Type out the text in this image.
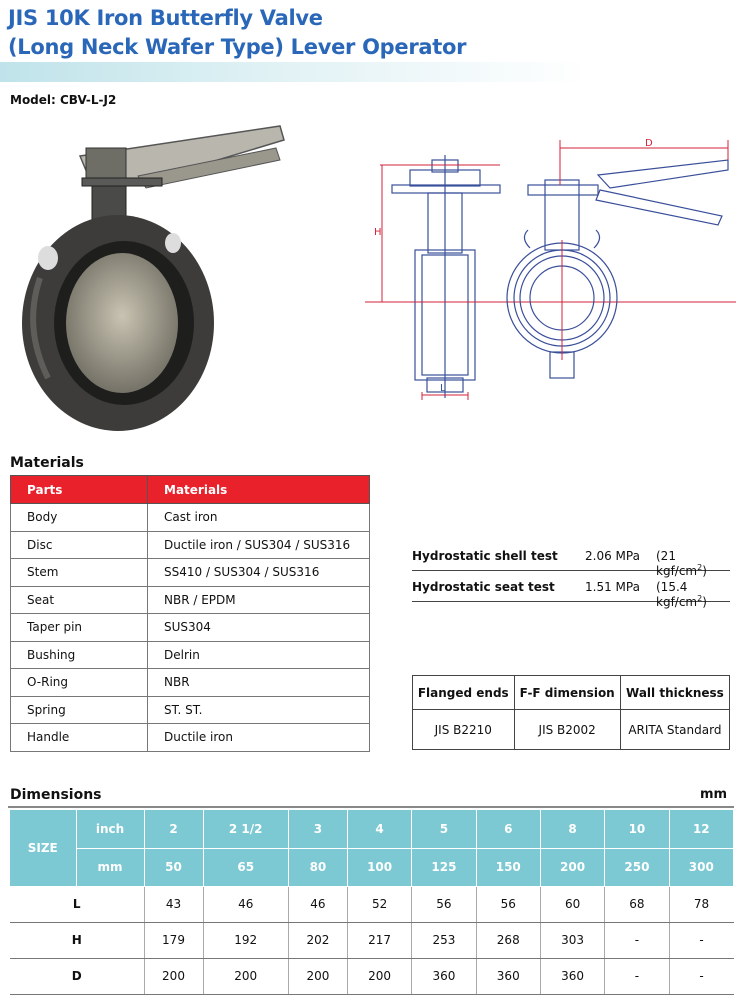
JIS 10K Iron Butterfly Valve
(Long Neck Wafer Type) Lever Operator
Model: CBV-L-J2
H
L
D
Materials
Parts	Materials
Body	Cast iron
Disc	Ductile iron / SUS304 / SUS316
Stem	SS410 / SUS304 / SUS316
Seat	NBR / EPDM
Taper pin	SUS304
Bushing	Delrin
O-Ring	NBR
Spring	ST. ST.
Handle	Ductile iron
Hydrostatic shell test 2.06 MPa (21 kgf/$cm^2$)
Hydrostatic seat test	1.51 MPa (15.4 kgf/$cm^2$)
Flanged ends	F-F dimension	Wall thickness
JIS B2210	JIS B2002	ARITA Standard
Dimensions	mm
SIZE	inch	2	2 1/2	3	4	5	6	8	10	12
	mm	50	65	80	100	125	150	200	250	300
L		43	46	46	52	56	56	60	68	78
H		179	192	202	217	253	268	303	-	-
D		200	200	200	200	360	360	360	-	-
